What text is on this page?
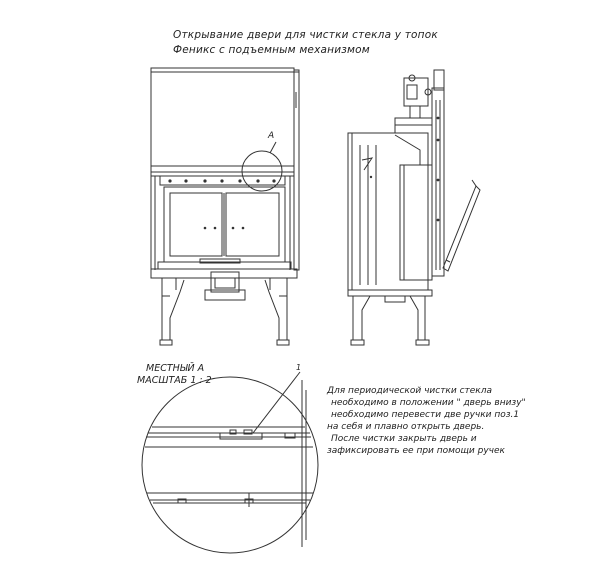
Открывание двери для чистки стекла у топок
Феникс с подъемным механизмом
A
1
МЕСТНЫЙ А
МАСШТАБ 1 : 2
Для периодической чистки стекла
необходимо в положении " дверь внизу"
необходимо перевести две ручки поз.1
на себя и плавно открыть дверь.
После чистки закрыть дверь и
зафиксировать ее при помощи ручек
